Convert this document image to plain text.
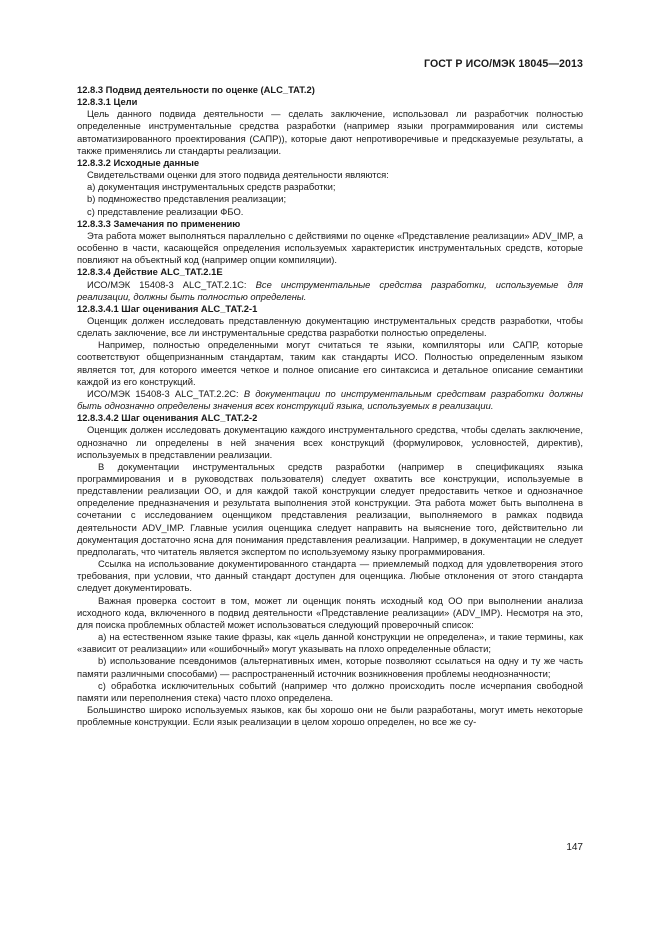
ГОСТ Р ИСО/МЭК 18045—2013

12.8.3 Подвид деятельности по оценке (ALC_TAT.2)

12.8.3.1 Цели

Цель данного подвида деятельности — сделать заключение, использовал ли разработчик полностью определенные инструментальные средства разработки (например языки программирования или системы автоматизированного проектирования (САПР)), которые дают непротиворечивые и предсказуемые результаты, а также применялись ли стандарты реализации.

12.8.3.2 Исходные данные

Свидетельствами оценки для этого подвида деятельности являются:

a) документация инструментальных средств разработки;

b) подмножество представления реализации;

c) представление реализации ФБО.

12.8.3.3 Замечания по применению

Эта работа может выполняться параллельно с действиями по оценке «Представление реализации» ADV_IMP, а особенно в части, касающейся определения используемых характеристик инструментальных средств, которые повлияют на объектный код (например опции компиляции).

12.8.3.4 Действие ALC_TAT.2.1E

ИСО/МЭК 15408-3 ALC_TAT.2.1C: Все инструментальные средства разработки, используемые для реализации, должны быть полностью определены.

12.8.3.4.1 Шаг оценивания ALC_TAT.2-1

Оценщик должен исследовать представленную документацию инструментальных средств разработки, чтобы сделать заключение, все ли инструментальные средства разработки полностью определены.

Например, полностью определенными могут считаться те языки, компиляторы или САПР, которые соответствуют общепризнанным стандартам, таким как стандарты ИСО. Полностью определенным языком является тот, для которого имеется четкое и полное описание его синтаксиса и детальное описание семантики каждой из его конструкций.

ИСО/МЭК 15408-3 ALC_TAT.2.2C: В документации по инструментальным средствам разработки должны быть однозначно определены значения всех конструкций языка, используемых в реализации.

12.8.3.4.2 Шаг оценивания ALC_TAT.2-2

Оценщик должен исследовать документацию каждого инструментального средства, чтобы сделать заключение, однозначно ли определены в ней значения всех конструкций (формулировок, условностей, директив), используемых в представлении реализации.

В документации инструментальных средств разработки (например в спецификациях языка программирования и в руководствах пользователя) следует охватить все конструкции, используемые в представлении реализации ОО, и для каждой такой конструкции следует предоставить четкое и однозначное определение предназначения и результата выполнения этой конструкции. Эта работа может быть выполнена в сочетании с исследованием оценщиком представления реализации, выполняемого в рамках подвида деятельности ADV_IMP. Главные усилия оценщика следует направить на выяснение того, действительно ли документация достаточно ясна для понимания представления реализации. Например, в документации не следует предполагать, что читатель является экспертом по используемому языку программирования.

Ссылка на использование документированного стандарта — приемлемый подход для удовлетворения этого требования, при условии, что данный стандарт доступен для оценщика. Любые отклонения от этого стандарта следует документировать.

Важная проверка состоит в том, может ли оценщик понять исходный код ОО при выполнении анализа исходного кода, включенного в подвид деятельности «Представление реализации» (ADV_IMP). Несмотря на это, для поиска проблемных областей может использоваться следующий проверочный список:

a) на естественном языке такие фразы, как «цель данной конструкции не определена», и такие термины, как «зависит от реализации» или «ошибочный» могут указывать на плохо определенные области;

b) использование псевдонимов (альтернативных имен, которые позволяют ссылаться на одну и ту же часть памяти различными способами) — распространенный источник возникновения проблемы неоднозначности;

c) обработка исключительных событий (например что должно происходить после исчерпания свободной памяти или переполнения стека) часто плохо определена.

Большинство широко используемых языков, как бы хорошо они не были разработаны, могут иметь некоторые проблемные конструкции. Если язык реализации в целом хорошо определен, но все же су-

147
